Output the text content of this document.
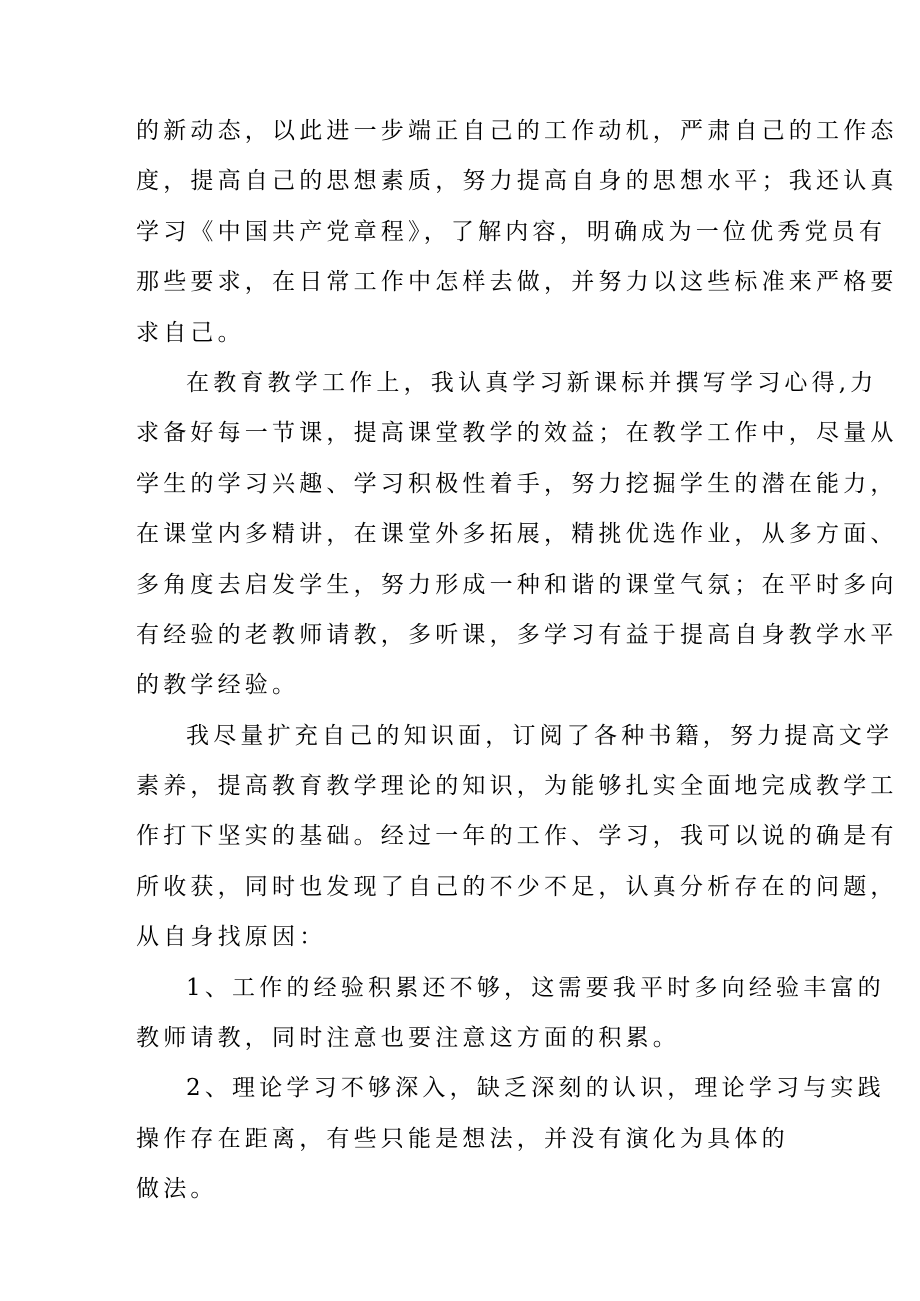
的新动态，以此进一步端正自己的工作动机，严肃自己的工作态
度，提高自己的思想素质，努力提高自身的思想水平；我还认真
学习《中国共产党章程》，了解内容，明确成为一位优秀党员有
那些要求，在日常工作中怎样去做，并努力以这些标准来严格要
求自己。
在教育教学工作上，我认真学习新课标并撰写学习心得,力
求备好每一节课，提高课堂教学的效益；在教学工作中，尽量从
学生的学习兴趣、学习积极性着手，努力挖掘学生的潜在能力，
在课堂内多精讲，在课堂外多拓展，精挑优选作业，从多方面、
多角度去启发学生，努力形成一种和谐的课堂气氛；在平时多向
有经验的老教师请教，多听课，多学习有益于提高自身教学水平
的教学经验。
我尽量扩充自己的知识面，订阅了各种书籍，努力提高文学
素养，提高教育教学理论的知识，为能够扎实全面地完成教学工
作打下坚实的基础。经过一年的工作、学习，我可以说的确是有
所收获，同时也发现了自己的不少不足，认真分析存在的问题，
从自身找原因：
1、工作的经验积累还不够，这需要我平时多向经验丰富的
教师请教，同时注意也要注意这方面的积累。
2、理论学习不够深入，缺乏深刻的认识，理论学习与实践
操作存在距离，有些只能是想法，并没有演化为具体的
做法。
